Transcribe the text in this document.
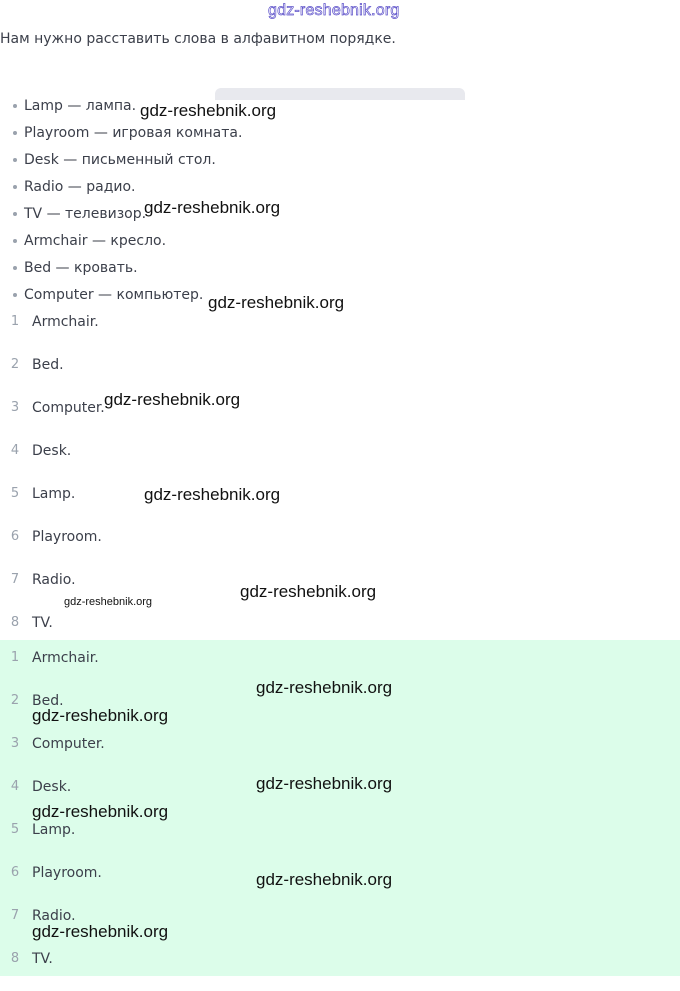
gdz-reshebnik.org

Нам нужно расставить слова в алфавитном порядке.

Lamp — лампа.
Playroom — игровая комната.
Desk — письменный стол.
Radio — радио.
TV — телевизор.
Armchair — кресло.
Bed — кровать.
Computer — компьютер.
1 Armchair.
2 Bed.
3 Computer.
4 Desk.
5 Lamp.
6 Playroom.
7 Radio.
8 TV.
1 Armchair.
2 Bed.
3 Computer.
4 Desk.
5 Lamp.
6 Playroom.
7 Radio.
8 TV.
gdz-reshebnik.org
gdz-reshebnik.org
gdz-reshebnik.org
gdz-reshebnik.org
gdz-reshebnik.org
gdz-reshebnik.org
gdz-reshebnik.org
gdz-reshebnik.org
gdz-reshebnik.org
gdz-reshebnik.org
gdz-reshebnik.org
gdz-reshebnik.org
gdz-reshebnik.org
